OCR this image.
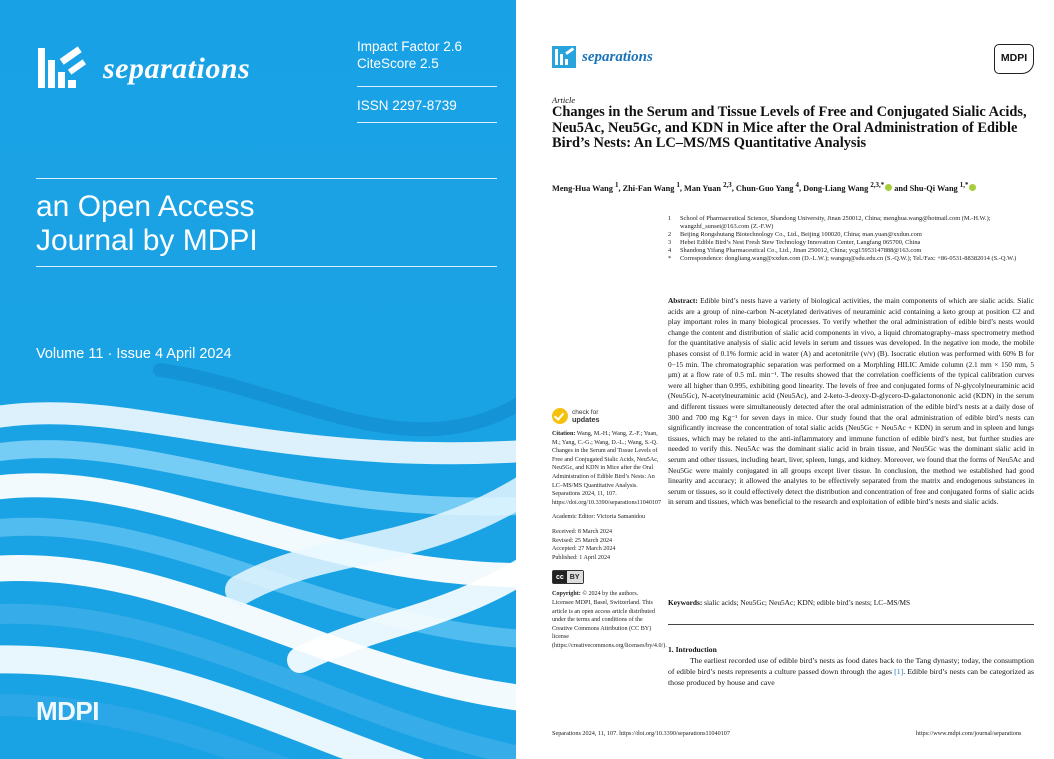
separations
Impact Factor 2.6
CiteScore 2.5
ISSN 2297-8739
an Open Access
Journal by MDPI
Volume 11 · Issue 4 April 2024
MDPI
separations	MDPI
Article
Changes in the Serum and Tissue Levels of Free and Conjugated Sialic Acids, Neu5Ac, Neu5Gc, and KDN in Mice after the Oral Administration of Edible Bird’s Nests: An LC–MS/MS Quantitative Analysis
Meng-Hua Wang $^1$, Zhi-Fan Wang $^1$, Man Yuan $^{2,3}$, Chun-Guo Yang $^4$, Dong-Liang Wang $^{2,3,*}$ and Shu-Qi Wang $^{1,*}$
1	School of Pharmaceutical Science, Shandong University, Jinan 250012, China; menghua.wang@hotmail.com (M.-H.W.); wangzhf_sunset@163.com (Z.-F.W)
2	Beijing Rongshutang Biotechnology Co., Ltd., Beijing 100020, China; man.yuan@xxdun.com
3	Hebei Edible Bird’s Nest Fresh Stew Technology Innovation Center, Langfang 065700, China
4	Shandong Yifang Pharmaceutical Co., Ltd., Jinan 250012, China; ycg15953147888@163.com
*	Correspondence: dongliang.wang@xxdun.com (D.-L.W.); wangsq@sdu.edu.cn (S.-Q.W.); Tel./Fax: +86-0531-88382014 (S.-Q.W.)
check for
updates

Citation: Wang, M.-H.; Wang, Z.-F.; Yuan, M.; Yang, C.-G.; Wang, D.-L.; Wang, S.-Q. Changes in the Serum and Tissue Levels of Free and Conjugated Sialic Acids, Neu5Ac, Neu5Gc, and KDN in Mice after the Oral Administration of Edible Bird’s Nests: An LC–MS/MS Quantitative Analysis. Separations 2024, 11, 107. https://doi.org/10.3390/separations11040107

Academic Editor: Victoria Samanidou

Received: 8 March 2024
Revised: 25 March 2024
Accepted: 27 March 2024
Published: 1 April 2024

cc BY

Copyright: © 2024 by the authors. Licensee MDPI, Basel, Switzerland. This article is an open access article distributed under the terms and conditions of the Creative Commons Attribution (CC BY) license (https://creativecommons.org/licenses/by/4.0/).

Abstract: Edible bird’s nests have a variety of biological activities, the main components of which are sialic acids. Sialic acids are a group of nine-carbon N-acetylated derivatives of neuraminic acid containing a keto group at position C2 and play important roles in many biological processes. To verify whether the oral administration of edible bird’s nests would change the content and distribution of sialic acid components in vivo, a liquid chromatography–mass spectrometry method for the quantitative analysis of sialic acid levels in serum and tissues was developed. In the negative ion mode, the mobile phases consist of 0.1% formic acid in water (A) and acetonitrile (v/v) (B). Isocratic elution was performed with 60% B for 0−15 min. The chromatographic separation was performed on a Morphling HILIC Amide column (2.1 mm × 150 mm, 5 μm) at a flow rate of 0.5 mL min⁻¹. The results showed that the correlation coefficients of the typical calibration curves were all higher than 0.995, exhibiting good linearity. The levels of free and conjugated forms of N-glycolylneuraminic acid (Neu5Gc), N-acetylneuraminic acid (Neu5Ac), and 2-keto-3-deoxy-D-glycero-D-galactonononic acid (KDN) in the serum and different tissues were simultaneously detected after the oral administration of the edible bird’s nests at a daily dose of 300 and 700 mg Kg⁻¹ for seven days in mice. Our study found that the oral administration of edible bird’s nests can significantly increase the concentration of total sialic acids (Neu5Gc + Neu5Ac + KDN) in serum and in spleen and lungs tissues, which may be related to the anti-inflammatory and immune function of edible bird’s nest, but further studies are needed to verify this. Neu5Ac was the dominant sialic acid in brain tissue, and Neu5Gc was the dominant sialic acid in serum and other tissues, including heart, liver, spleen, lungs, and kidney. Moreover, we found that the forms of Neu5Ac and Neu5Gc were mainly conjugated in all groups except liver tissue. In conclusion, the method we established had good linearity and accuracy; it allowed the analytes to be effectively separated from the matrix and endogenous substances in serum or tissues, so it could effectively detect the distribution and concentration of free and conjugated forms of sialic acids in serum and tissues, which was beneficial to the research and exploitation of edible bird’s nests and sialic acids.
Keywords: sialic acids; Neu5Gc; Neu5Ac; KDN; edible bird’s nests; LC–MS/MS
1. Introduction
The earliest recorded use of edible bird’s nests as food dates back to the Tang dynasty; today, the consumption of edible bird’s nests represents a culture passed down through the ages [1]. Edible bird’s nests can be categorized as those produced by house and cave
Separations 2024, 11, 107. https://doi.org/10.3390/separations11040107	https://www.mdpi.com/journal/separations
